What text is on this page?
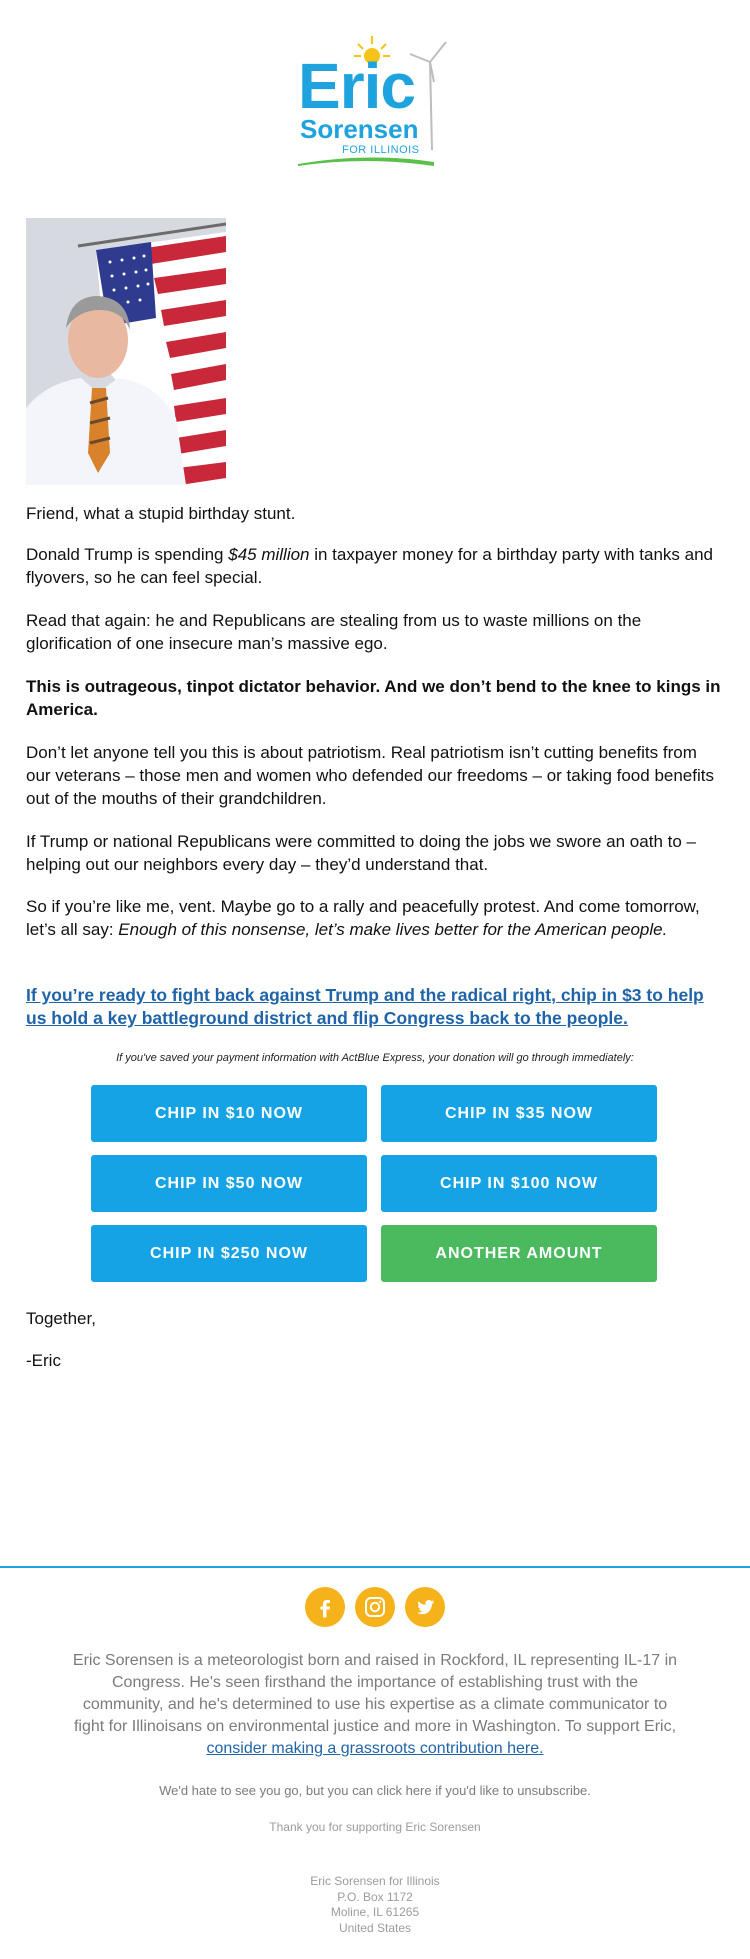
Eric
Sorensen
FOR ILLINOIS

Friend, what a stupid birthday stunt.

Donald Trump is spending $45 million in taxpayer money for a birthday party with tanks and flyovers, so he can feel special.

Read that again: he and Republicans are stealing from us to waste millions on the glorification of one insecure man’s massive ego.

This is outrageous, tinpot dictator behavior. And we don’t bend to the knee to kings in America.

Don’t let anyone tell you this is about patriotism. Real patriotism isn’t cutting benefits from our veterans – those men and women who defended our freedoms – or taking food benefits out of the mouths of their grandchildren.

If Trump or national Republicans were committed to doing the jobs we swore an oath to – helping out our neighbors every day – they’d understand that.

So if you’re like me, vent. Maybe go to a rally and peacefully protest. And come tomorrow, let’s all say: Enough of this nonsense, let’s make lives better for the American people.

If you’re ready to fight back against Trump and the radical right, chip in $3 to help us hold a key battleground district and flip Congress back to the people.

If you've saved your payment information with ActBlue Express, your donation will go through immediately:
CHIP IN $10 NOW	CHIP IN $35 NOW
CHIP IN $50 NOW	CHIP IN $100 NOW
CHIP IN $250 NOW	ANOTHER AMOUNT

Together,

-Eric

Eric Sorensen is a meteorologist born and raised in Rockford, IL representing IL-17 in Congress. He's seen firsthand the importance of establishing trust with the community, and he's determined to use his expertise as a climate communicator to fight for Illinoisans on environmental justice and more in Washington. To support Eric, consider making a grassroots contribution here.
We'd hate to see you go, but you can click here if you'd like to unsubscribe.
Thank you for supporting Eric Sorensen
Eric Sorensen for Illinois
P.O. Box 1172
Moline, IL 61265
United States
